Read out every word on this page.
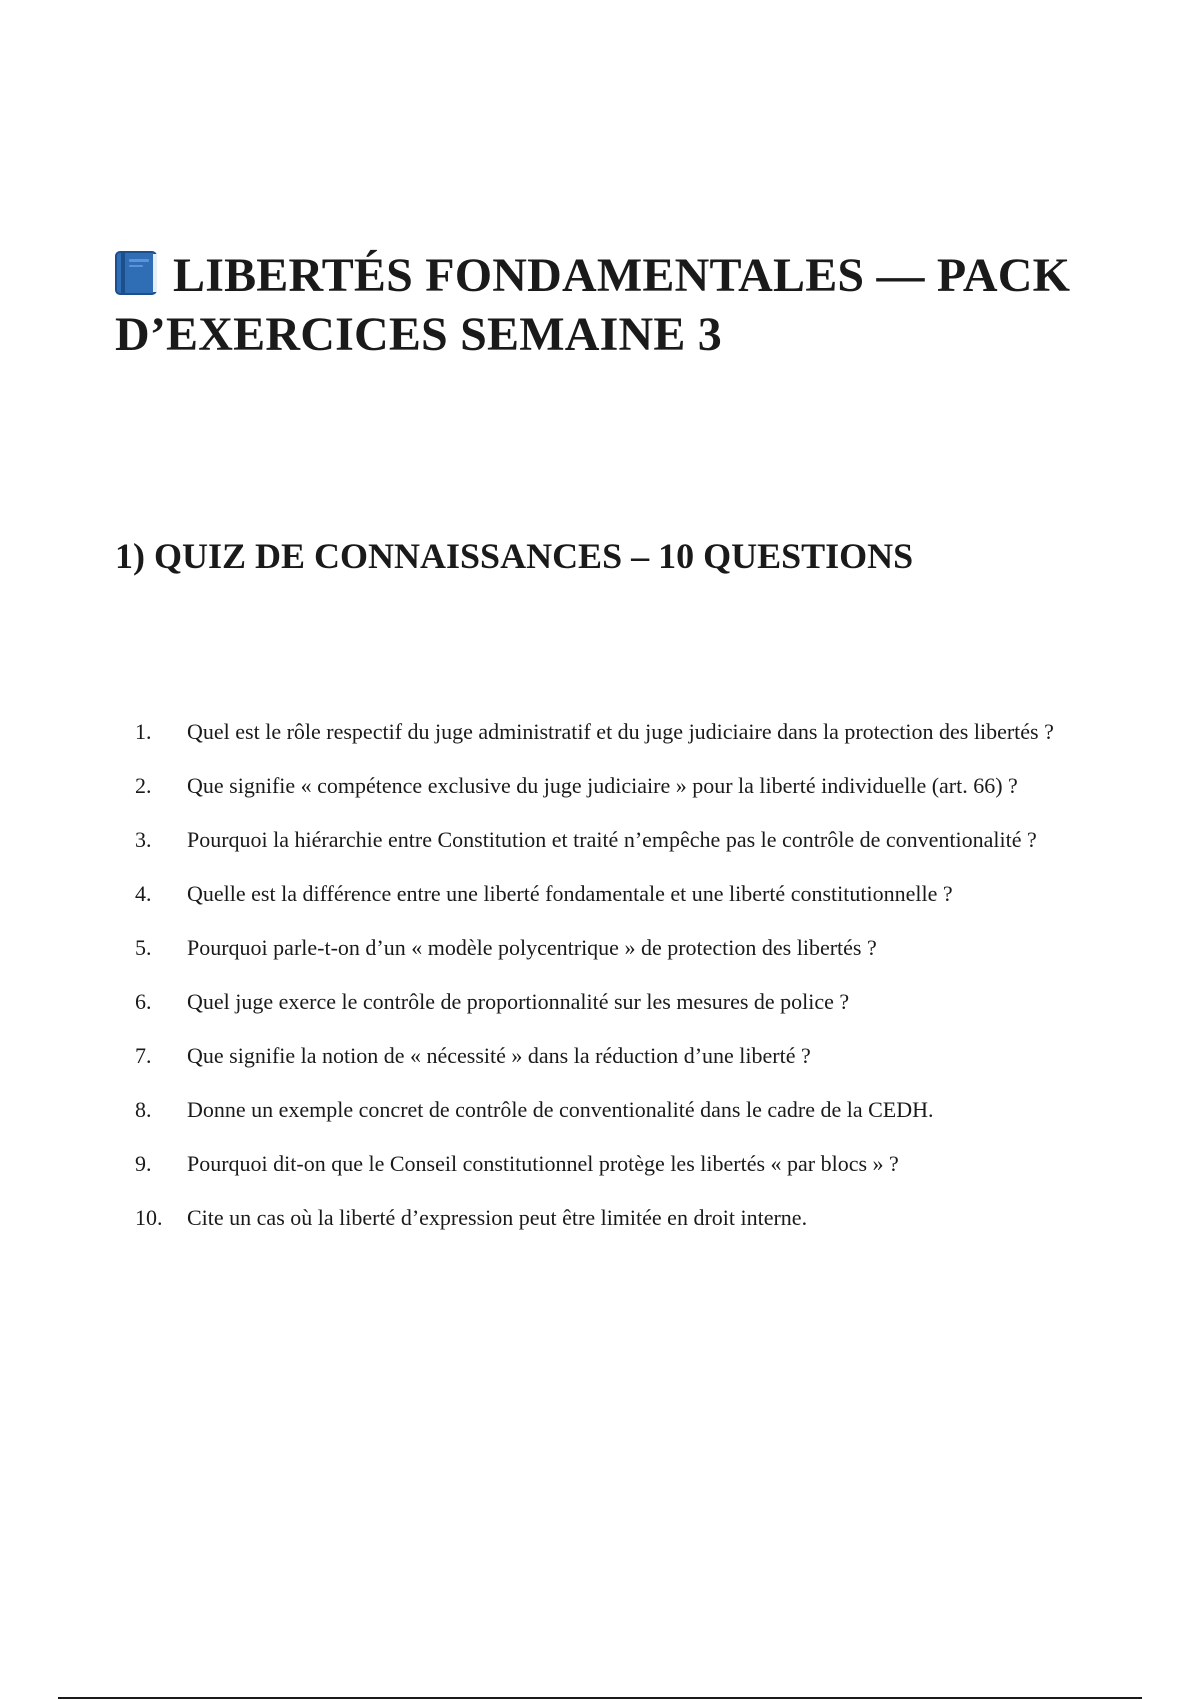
LIBERTÉS FONDAMENTALES — PACK D’EXERCICES SEMAINE 3
1) QUIZ DE CONNAISSANCES – 10 QUESTIONS
1. Quel est le rôle respectif du juge administratif et du juge judiciaire dans la protection des libertés ?
2. Que signifie « compétence exclusive du juge judiciaire » pour la liberté individuelle (art. 66) ?
3. Pourquoi la hiérarchie entre Constitution et traité n’empêche pas le contrôle de conventionalité ?
4. Quelle est la différence entre une liberté fondamentale et une liberté constitutionnelle ?
5. Pourquoi parle-t-on d’un « modèle polycentrique » de protection des libertés ?
6. Quel juge exerce le contrôle de proportionnalité sur les mesures de police ?
7. Que signifie la notion de « nécessité » dans la réduction d’une liberté ?
8. Donne un exemple concret de contrôle de conventionalité dans le cadre de la CEDH.
9. Pourquoi dit-on que le Conseil constitutionnel protège les libertés « par blocs » ?
10. Cite un cas où la liberté d’expression peut être limitée en droit interne.
